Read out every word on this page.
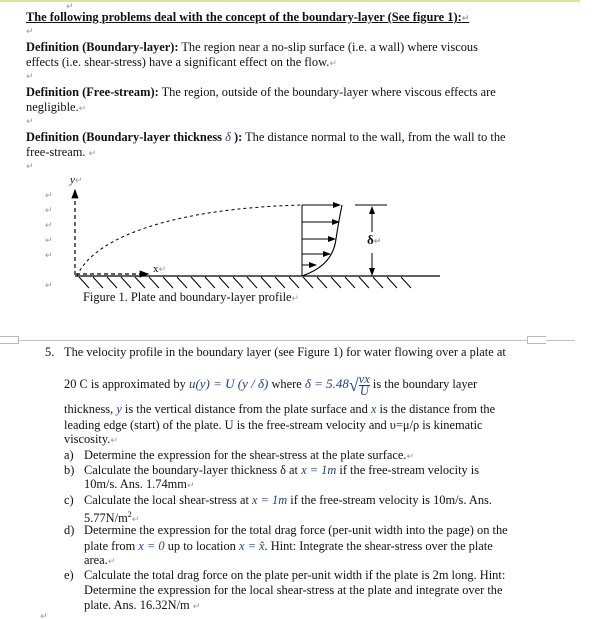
↵
The following problems deal with the concept of the boundary-layer (See figure 1):↵
↵
Definition (Boundary-layer): The region near a no-slip surface (i.e. a wall) where viscous
effects (i.e. shear-stress) have a significant effect on the flow.↵
↵
Definition (Free-stream): The region, outside of the boundary-layer where viscous effects are
negligible.↵
↵
Definition (Boundary-layer thickness δ ): The distance normal to the wall, from the wall to the
free-stream. ↵
↵
↵
↵
↵
↵
↵
↵
y↵
x↵
δ↵
Figure 1. Plate and boundary-layer profile↵
5. The velocity profile in the boundary layer (see Figure 1) for water flowing over a plate at
20 C is approximated by u(y) = U (y / δ) where $\delta = 5.48√ \frac{\nu x}{U}$ is the boundary layer
thickness, y is the vertical distance from the plate surface and x is the distance from the
leading edge (start) of the plate. U is the free-stream velocity and υ=μ/ρ is kinematic
viscosity.↵
a) Determine the expression for the shear-stress at the plate surface.↵
b) Calculate the boundary-layer thickness δ at x = 1m if the free-stream velocity is
10m/s. Ans. 1.74mm↵
c) Calculate the local shear-stress at x = 1m if the free-stream velocity is 10m/s. Ans.
$5.77N/m^2↵$
d) Determine the expression for the total drag force (per-unit width into the page) on the
plate from x = 0 up to location x = x̂. Hint: Integrate the shear-stress over the plate
area.↵
e) Calculate the total drag force on the plate per-unit width if the plate is 2m long. Hint:
Determine the expression for the local shear-stress at the plate and integrate over the
plate. Ans. 16.32N/m ↵
↵
